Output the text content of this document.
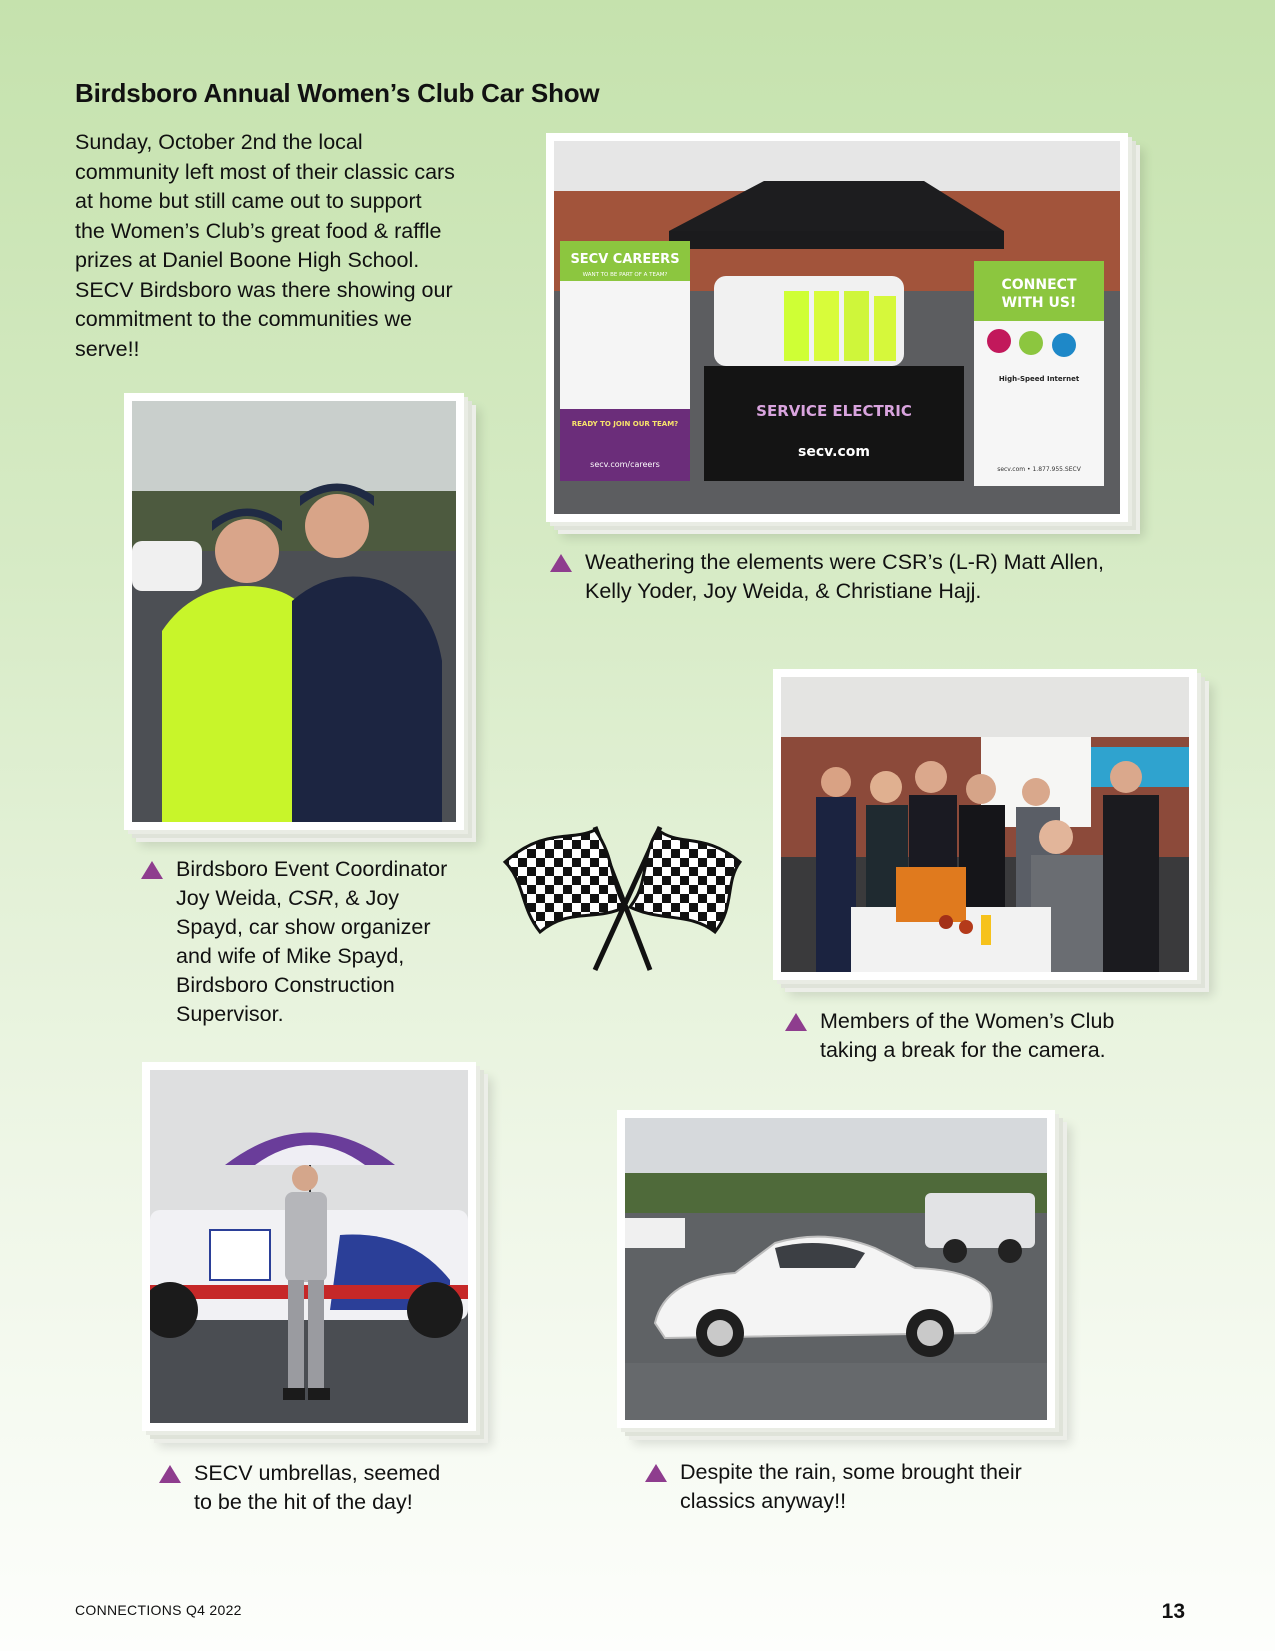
Birdsboro Annual Women’s Club Car Show

Sunday, October 2nd the local community left most of their classic cars at home but still came out to support the Women’s Club’s great food & raffle prizes at Daniel Boone High School. SECV Birdsboro was there showing our commitment to the communities we serve!!

SERVICE ELECTRIC
secv.com
SECV CAREERS
WANT TO BE PART OF A TEAM?
READY TO JOIN OUR TEAM?
secv.com/careers
CONNECT
WITH US!
High-Speed Internet
secv.com • 1.877.955.SECV

Weathering the elements were CSR’s (L-R) Matt Allen, Kelly Yoder, Joy Weida, & Christiane Hajj.

Birdsboro Event Coordinator Joy Weida, CSR, & Joy Spayd, car show organizer and wife of Mike Spayd, Birdsboro Construction Supervisor.	Members of the Women’s Club taking a break for the camera.

SECV umbrellas, seemed to be the hit of the day!

Despite the rain, some brought their classics anyway!!

CONNECTIONS Q4 2022	13
